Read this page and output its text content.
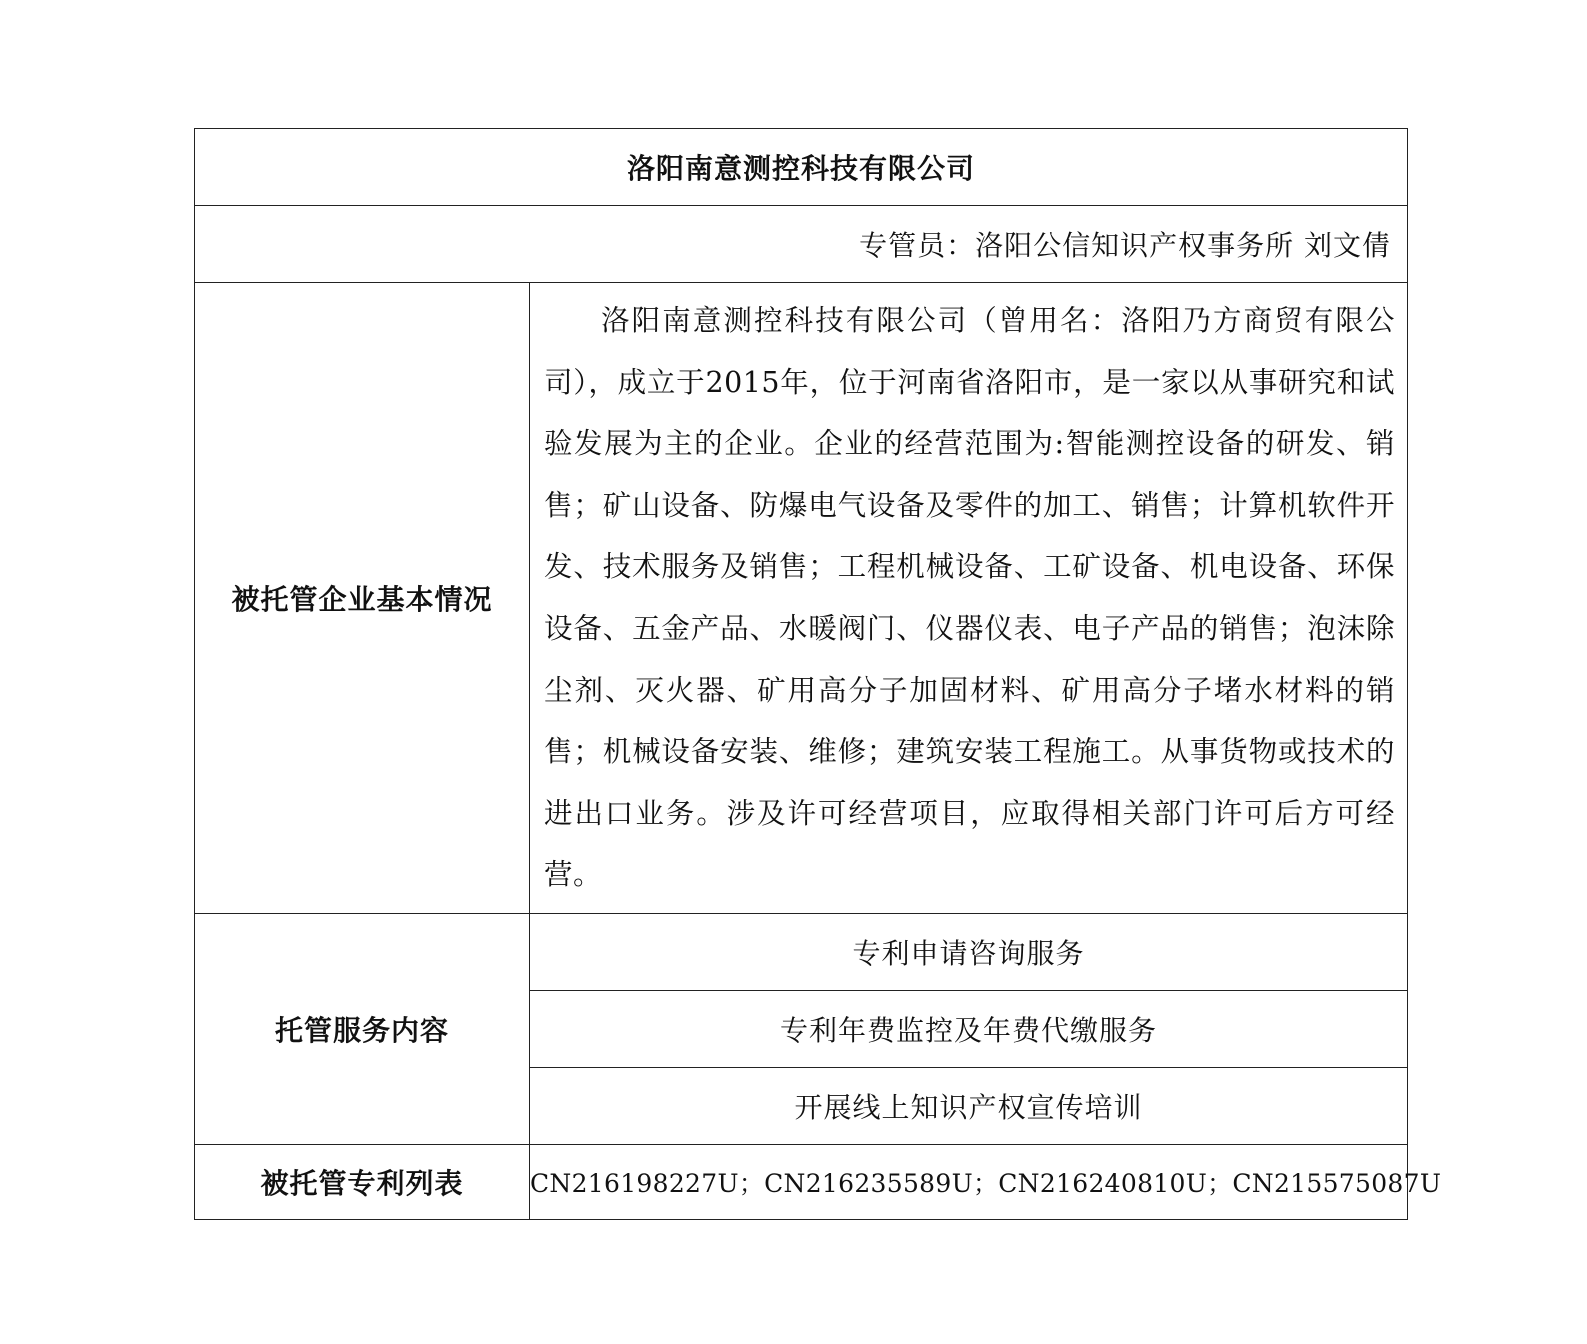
洛阳南意测控科技有限公司	
专管员：洛阳公信知识产权事务所 刘文倩	
被托管企业基本情况	洛阳南意测控科技有限公司（曾用名：洛阳乃方商贸有限公司），成立于2015年，位于河南省洛阳市，是一家以从事研究和试验发展为主的企业。企业的经营范围为:智能测控设备的研发、销售；矿山设备、防爆电气设备及零件的加工、销售；计算机软件开发、技术服务及销售；工程机械设备、工矿设备、机电设备、环保设备、五金产品、水暖阀门、仪器仪表、电子产品的销售；泡沫除尘剂、灭火器、矿用高分子加固材料、矿用高分子堵水材料的销售；机械设备安装、维修；建筑安装工程施工。从事货物或技术的进出口业务。涉及许可经营项目，应取得相关部门许可后方可经营。
托管服务内容	专利申请咨询服务
	专利年费监控及年费代缴服务
	开展线上知识产权宣传培训
被托管专利列表	CN216198227U；CN216235589U；CN216240810U；CN215575087U
